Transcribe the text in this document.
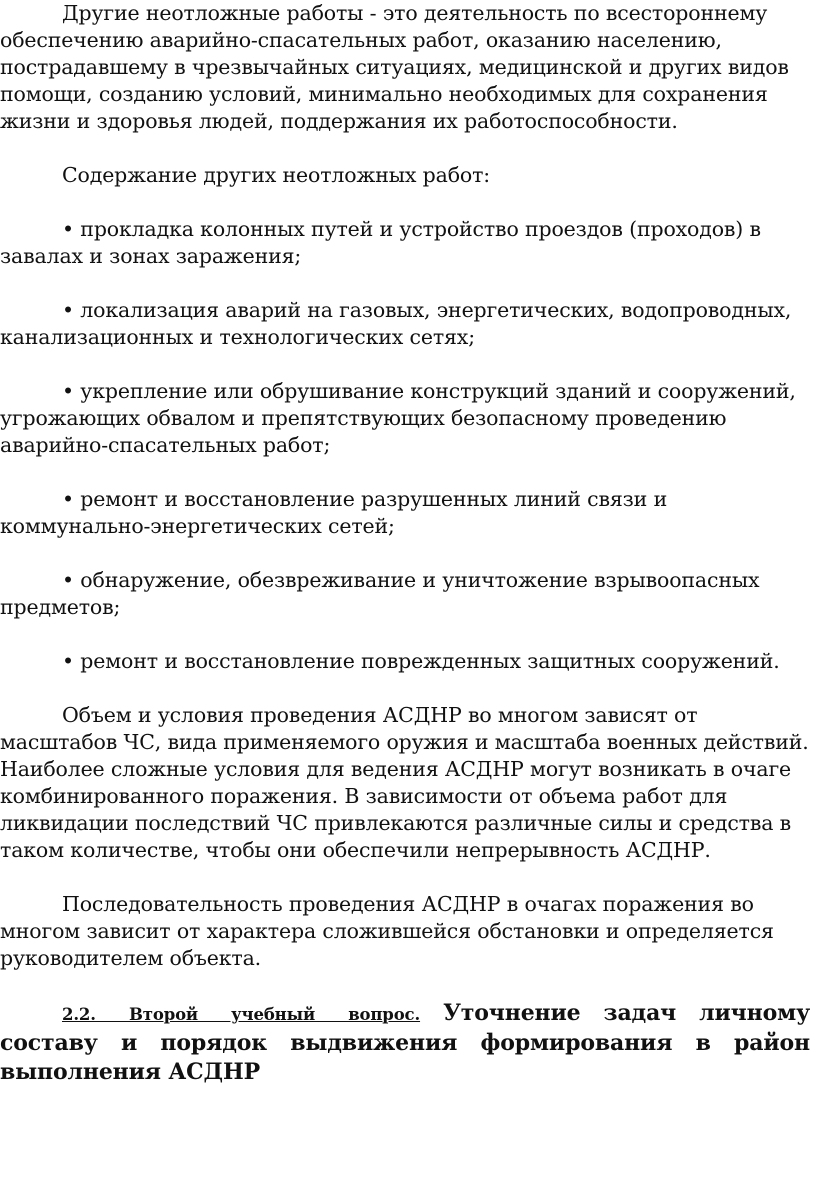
Другие неотложные работы - это деятельность по всестороннему обеспечению аварийно-спасательных работ, оказанию населению, пострадавшему в чрезвычайных ситуациях, медицинской и других видов помощи, созданию условий, минимально необходимых для сохранения жизни и здоровья людей, поддержания их работоспособности.

Содержание других неотложных работ:

• прокладка колонных путей и устройство проездов (проходов) в завалах и зонах заражения;

• локализация аварий на газовых, энергетических, водопроводных, канализационных и технологических сетях;

• укрепление или обрушивание конструкций зданий и сооружений, угрожающих обвалом и препятствующих безопасному проведению аварийно-спасательных работ;

• ремонт и восстановление разрушенных линий связи и коммунально-энергетических сетей;

• обнаружение, обезвреживание и уничтожение взрывоопасных предметов;

• ремонт и восстановление поврежденных защитных сооружений.

Объем и условия проведения АСДНР во многом зависят от масштабов ЧС, вида применяемого оружия и масштаба военных действий. Наиболее сложные условия для ведения АСДНР могут возникать в очаге комбинированного поражения. В зависимости от объема работ для ликвидации последствий ЧС привлекаются различные силы и средства в таком количестве, чтобы они обеспечили непрерывность АСДНР.

Последовательность проведения АСДНР в очагах поражения во многом зависит от характера сложившейся обстановки и определяется руководителем объекта.

2.2. Второй учебный вопрос. Уточнение задач личному составу и порядок выдвижения формирования в район выполнения АСДНР
